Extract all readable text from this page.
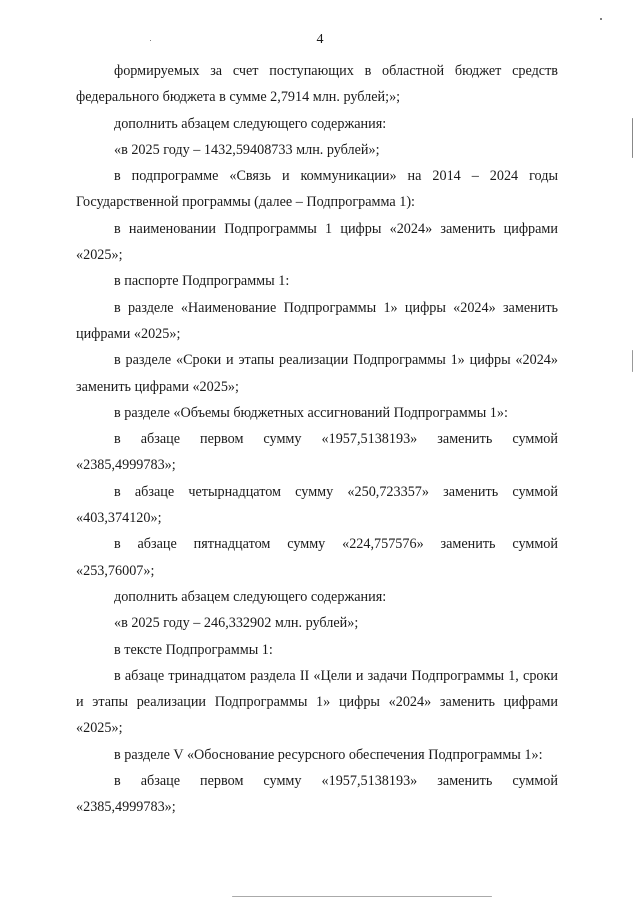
4

формируемых за счет поступающих в областной бюджет средств федерального бюджета в сумме 2,7914 млн. рублей;»;

дополнить абзацем следующего содержания:

«в 2025 году – 1432,59408733 млн. рублей»;

в подпрограмме «Связь и коммуникации» на 2014 – 2024 годы Государственной программы (далее – Подпрограмма 1):

в наименовании Подпрограммы 1 цифры «2024» заменить цифрами «2025»;

в паспорте Подпрограммы 1:

в разделе «Наименование Подпрограммы 1» цифры «2024» заменить цифрами «2025»;

в разделе «Сроки и этапы реализации Подпрограммы 1» цифры «2024» заменить цифрами «2025»;

в разделе «Объемы бюджетных ассигнований Подпрограммы 1»:

в абзаце первом сумму «1957,5138193» заменить суммой «2385,4999783»;

в абзаце четырнадцатом сумму «250,723357» заменить суммой «403,374120»;

в абзаце пятнадцатом сумму «224,757576» заменить суммой «253,76007»;

дополнить абзацем следующего содержания:

«в 2025 году – 246,332902 млн. рублей»;

в тексте Подпрограммы 1:

в абзаце тринадцатом раздела II «Цели и задачи Подпрограммы 1, сроки и этапы реализации Подпрограммы 1» цифры «2024» заменить цифрами «2025»;

в разделе V «Обоснование ресурсного обеспечения Подпрограммы 1»:

в абзаце первом сумму «1957,5138193» заменить суммой «2385,4999783»;
